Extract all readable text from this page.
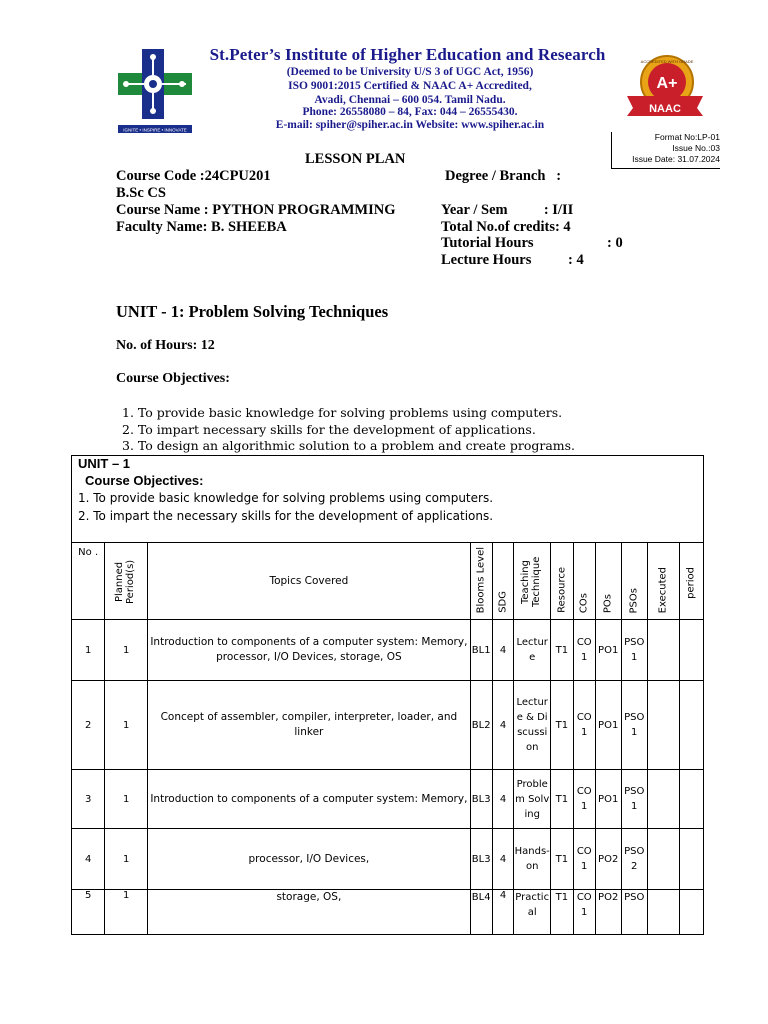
IGNITE • INSPIRE • INNOVATE
St.Peter’s Institute of Higher Education and Research
(Deemed to be University U/S 3 of UGC Act, 1956)
ISO 9001:2015 Certified & NAAC A+ Accredited,
Avadi, Chennai – 600 054. Tamil Nadu.
Phone: 26558080 – 84, Fax: 044 – 26555430.
E-mail: spiher@spiher.ac.in Website: www.spiher.ac.in
A+
ACCREDITED WITH GRADE
NAAC
Format No:LP-01
Issue No.:03
Issue Date: 31.07.2024
LESSON PLAN
Course Code :24CPU201	Degree / Branch   :
B.Sc CS
Course Name : PYTHON PROGRAMMING	Year / Sem          : I/II
Faculty Name: B. SHEEBA	Total No.of credits: 4
Tutorial Hours	: 0
Lecture Hours	: 4
UNIT - 1: Problem Solving Techniques
No. of Hours: 12
Course Objectives:
1. To provide basic knowledge for solving problems using computers.
2. To impart necessary skills for the development of applications.
3. To design an algorithmic solution to a problem and create programs.
UNIT – 1
Course Objectives:
1. To provide basic knowledge for solving problems using computers.
2. To impart the necessary skills for the development of applications.
No .	Planned Period(s)	Topics Covered	Blooms Level	SDG	Teaching Technique	Resource	COs	POs	PSOs	Executed	period

1	1	Introduction to components of a computer system: Memory, processor, I/O Devices, storage, OS	BL1	4	Lecture	T1	CO1	PO1	PSO1		
2	1	Concept of assembler, compiler, interpreter, loader, and linker	BL2	4	Lecture & Discussion	T1	CO1	PO1	PSO1		
3	1	Introduction to components of a computer system: Memory,	BL3	4	Problem Solving	T1	CO1	PO1	PSO1		
4	1	processor, I/O Devices,	BL3	4	Hands-on	T1	CO1	PO2	PSO2		
5	1	storage, OS,	BL4	4	Practical	T1	CO1	PO2	PSO		
